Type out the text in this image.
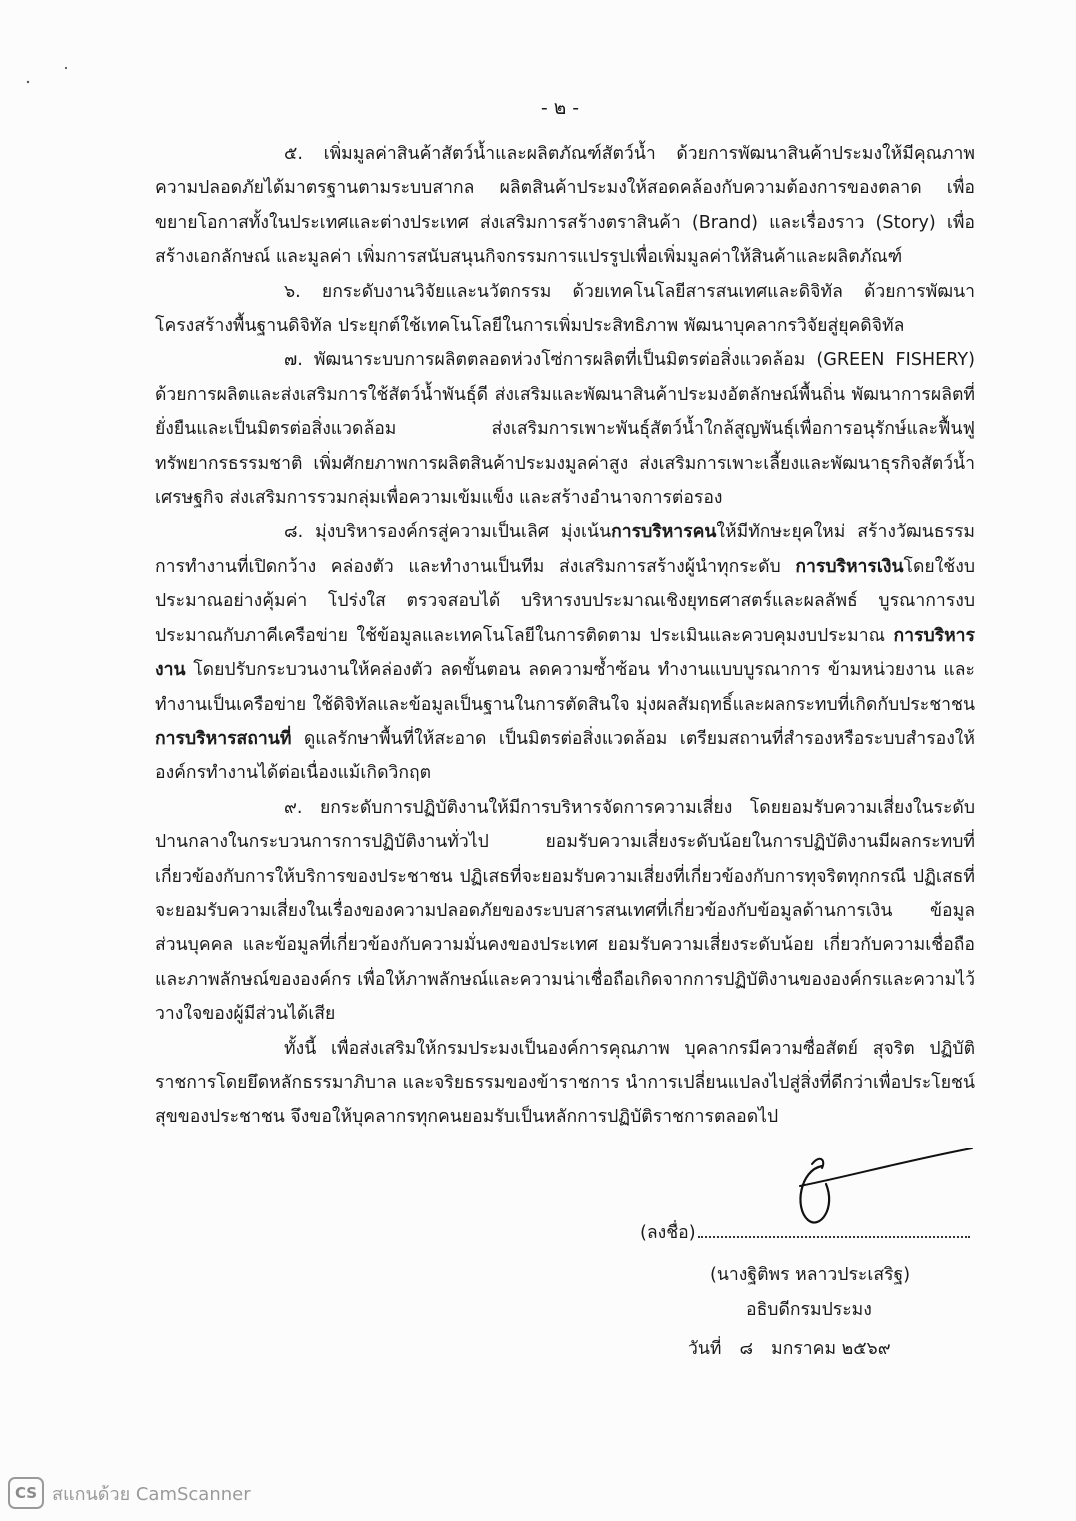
- ๒ -

๕. เพิ่มมูลค่าสินค้าสัตว์น้ำและผลิตภัณฑ์สัตว์น้ำ ด้วยการพัฒนาสินค้าประมงให้มีคุณภาพ ความปลอดภัยได้มาตรฐานตามระบบสากล ผลิตสินค้าประมงให้สอดคล้องกับความต้องการของตลาด เพื่อขยายโอกาสทั้งในประเทศและต่างประเทศ ส่งเสริมการสร้างตราสินค้า (Brand) และเรื่องราว (Story) เพื่อสร้างเอกลักษณ์ และมูลค่า เพิ่มการสนับสนุนกิจกรรมการแปรรูปเพื่อเพิ่มมูลค่าให้สินค้าและผลิตภัณฑ์

๖. ยกระดับงานวิจัยและนวัตกรรม ด้วยเทคโนโลยีสารสนเทศและดิจิทัล ด้วยการพัฒนาโครงสร้างพื้นฐานดิจิทัล ประยุกต์ใช้เทคโนโลยีในการเพิ่มประสิทธิภาพ พัฒนาบุคลากรวิจัยสู่ยุคดิจิทัล

๗. พัฒนาระบบการผลิตตลอดห่วงโซ่การผลิตที่เป็นมิตรต่อสิ่งแวดล้อม (GREEN FISHERY) ด้วยการผลิตและส่งเสริมการใช้สัตว์น้ำพันธุ์ดี ส่งเสริมและพัฒนาสินค้าประมงอัตลักษณ์พื้นถิ่น พัฒนาการผลิตที่ยั่งยืนและเป็นมิตรต่อสิ่งแวดล้อม ส่งเสริมการเพาะพันธุ์สัตว์น้ำใกล้สูญพันธุ์เพื่อการอนุรักษ์และฟื้นฟูทรัพยากรธรรมชาติ เพิ่มศักยภาพการผลิตสินค้าประมงมูลค่าสูง ส่งเสริมการเพาะเลี้ยงและพัฒนาธุรกิจสัตว์น้ำ เศรษฐกิจ ส่งเสริมการรวมกลุ่มเพื่อความเข้มแข็ง และสร้างอำนาจการต่อรอง

๘. มุ่งบริหารองค์กรสู่ความเป็นเลิศ มุ่งเน้นการบริหารคนให้มีทักษะยุคใหม่ สร้างวัฒนธรรมการทำงานที่เปิดกว้าง คล่องตัว และทำงานเป็นทีม ส่งเสริมการสร้างผู้นำทุกระดับ การบริหารเงินโดยใช้งบประมาณอย่างคุ้มค่า โปร่งใส ตรวจสอบได้ บริหารงบประมาณเชิงยุทธศาสตร์และผลลัพธ์ บูรณาการงบประมาณกับภาคีเครือข่าย ใช้ข้อมูลและเทคโนโลยีในการติดตาม ประเมินและควบคุมงบประมาณ การบริหารงาน โดยปรับกระบวนงานให้คล่องตัว ลดขั้นตอน ลดความซ้ำซ้อน ทำงานแบบบูรณาการ ข้ามหน่วยงาน และทำงานเป็นเครือข่าย ใช้ดิจิทัลและข้อมูลเป็นฐานในการตัดสินใจ มุ่งผลสัมฤทธิ์และผลกระทบที่เกิดกับประชาชน การบริหารสถานที่ ดูแลรักษาพื้นที่ให้สะอาด เป็นมิตรต่อสิ่งแวดล้อม เตรียมสถานที่สำรองหรือระบบสำรองให้องค์กรทำงานได้ต่อเนื่องแม้เกิดวิกฤต

๙. ยกระดับการปฏิบัติงานให้มีการบริหารจัดการความเสี่ยง โดยยอมรับความเสี่ยงในระดับปานกลางในกระบวนการการปฏิบัติงานทั่วไป ยอมรับความเสี่ยงระดับน้อยในการปฏิบัติงานมีผลกระทบที่เกี่ยวข้องกับการให้บริการของประชาชน ปฏิเสธที่จะยอมรับความเสี่ยงที่เกี่ยวข้องกับการทุจริตทุกกรณี ปฏิเสธที่จะยอมรับความเสี่ยงในเรื่องของความปลอดภัยของระบบสารสนเทศที่เกี่ยวข้องกับข้อมูลด้านการเงิน ข้อมูลส่วนบุคคล และข้อมูลที่เกี่ยวข้องกับความมั่นคงของประเทศ ยอมรับความเสี่ยงระดับน้อย เกี่ยวกับความเชื่อถือและภาพลักษณ์ขององค์กร เพื่อให้ภาพลักษณ์และความน่าเชื่อถือเกิดจากการปฏิบัติงานขององค์กรและความไว้วางใจของผู้มีส่วนได้เสีย

ทั้งนี้ เพื่อส่งเสริมให้กรมประมงเป็นองค์การคุณภาพ บุคลากรมีความซื่อสัตย์ สุจริต ปฏิบัติราชการโดยยึดหลักธรรมาภิบาล และจริยธรรมของข้าราชการ นำการเปลี่ยนแปลงไปสู่สิ่งที่ดีกว่าเพื่อประโยชน์สุขของประชาชน จึงขอให้บุคลากรทุกคนยอมรับเป็นหลักการปฏิบัติราชการตลอดไป

(ลงชื่อ)
(นางฐิติพร หลาวประเสริฐ)
อธิบดีกรมประมง
วันที่ ๘ มกราคม ๒๕๖๙
CS สแกนด้วย CamScanner
